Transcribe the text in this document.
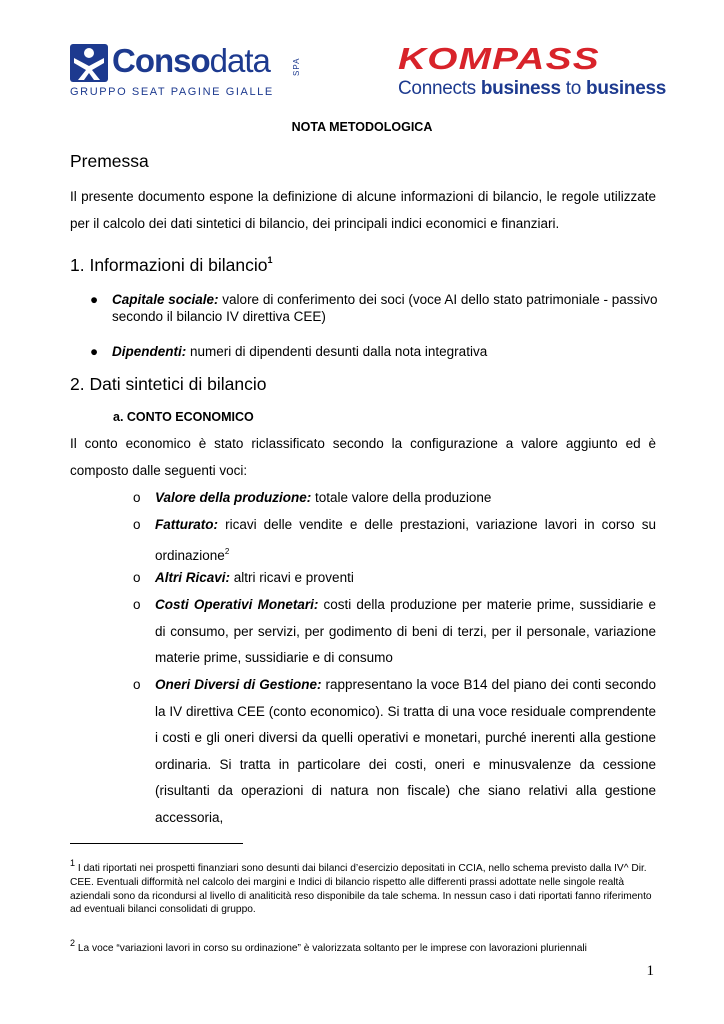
Consodata	SPA
GRUPPO SEAT PAGINE GIALLE
KOMPASS
Connects business to business
NOTA METODOLOGICA
Premessa
Il presente documento espone la definizione di alcune informazioni di bilancio, le regole utilizzate per il calcolo dei dati sintetici di bilancio, dei principali indici economici e finanziari.
1. Informazioni di bilancio$^1$
● Capitale sociale: valore di conferimento dei soci (voce AI dello stato patrimoniale - passivo secondo il bilancio IV direttiva CEE)
● Dipendenti: numeri di dipendenti desunti dalla nota integrativa
2. Dati sintetici di bilancio
a. CONTO ECONOMICO
Il conto economico è stato riclassificato secondo la configurazione a valore aggiunto ed è composto dalle seguenti voci:
o Valore della produzione: totale valore della produzione
o Fatturato: ricavi delle vendite e delle prestazioni, variazione lavori in corso su ordinazione$^2$
o Altri Ricavi: altri ricavi e proventi
o Costi Operativi Monetari: costi della produzione per materie prime, sussidiarie e di consumo, per servizi, per godimento di beni di terzi, per il personale, variazione materie prime, sussidiarie e di consumo
o Oneri Diversi di Gestione: rappresentano la voce B14 del piano dei conti secondo la IV direttiva CEE (conto economico). Si tratta di una voce residuale comprendente i costi e gli oneri diversi da quelli operativi e monetari, purché inerenti alla gestione ordinaria. Si tratta in particolare dei costi, oneri e minusvalenze da cessione (risultanti da operazioni di natura non fiscale) che siano relativi alla gestione accessoria,
$^1$ I dati riportati nei prospetti finanziari sono desunti dai bilanci d’esercizio depositati in CCIA, nello schema previsto dalla IV^ Dir. CEE. Eventuali difformità nel calcolo dei margini e Indici di bilancio rispetto alle differenti prassi adottate nelle singole realtà aziendali sono da ricondursi al livello di analiticità reso disponibile da tale schema. In nessun caso i dati riportati fanno riferimento ad eventuali bilanci consolidati di gruppo.
$^2$ La voce “variazioni lavori in corso su ordinazione” è valorizzata soltanto per le imprese con lavorazioni pluriennali
1
